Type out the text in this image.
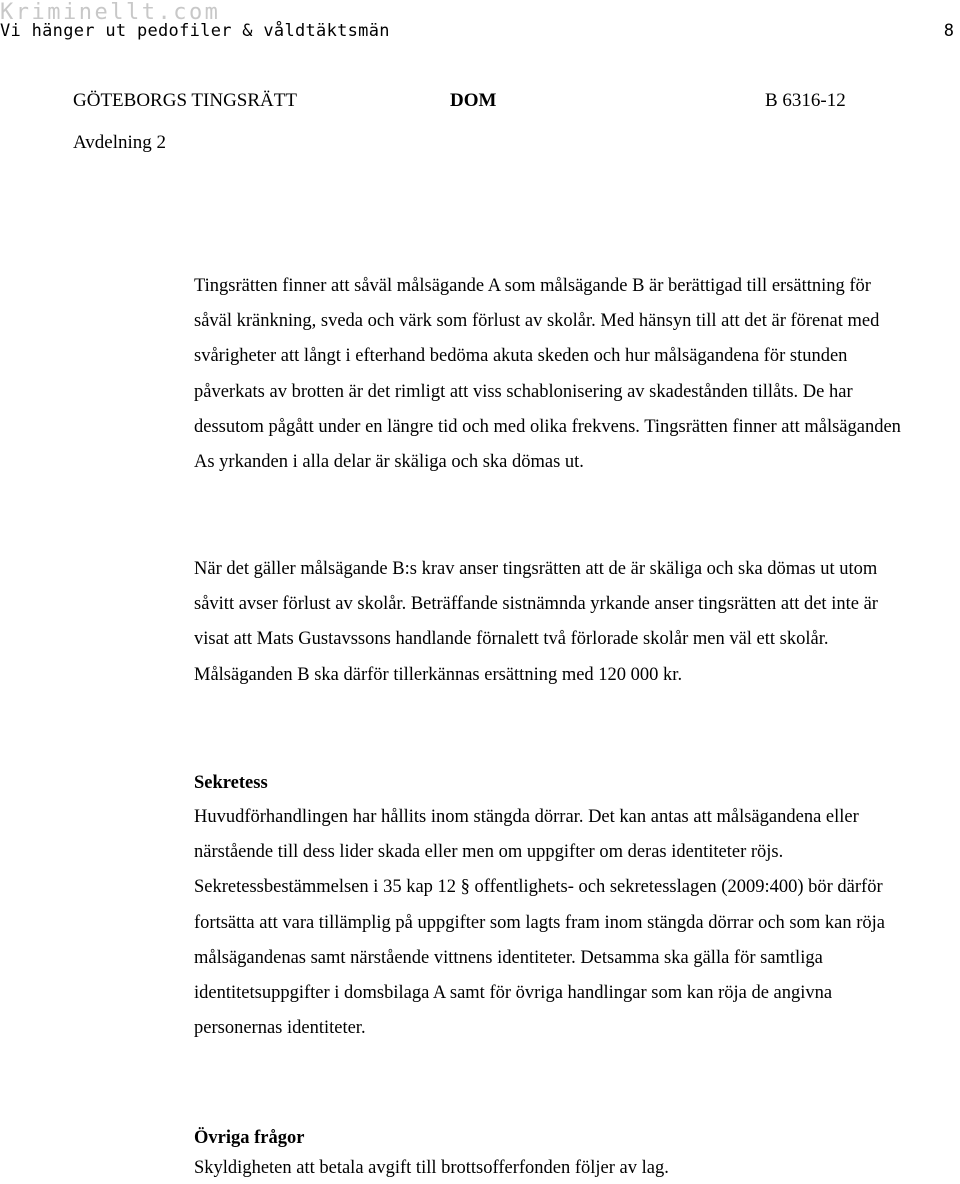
Kriminellt.com
Vi hänger ut pedofiler & våldtäktsmän	8
GÖTEBORGS TINGSRÄTT	DOM	B 6316-12
Avdelning 2

Tingsrätten finner att såväl målsägande A som målsägande B är berättigad till ersättning för såväl kränkning, sveda och värk som förlust av skolår. Med hänsyn till att det är förenat med svårigheter att långt i efterhand bedöma akuta skeden och hur målsägandena för stunden påverkats av brotten är det rimligt att viss schablonisering av skadestånden tillåts. De har dessutom pågått under en längre tid och med olika frekvens. Tingsrätten finner att målsäganden As yrkanden i alla delar är skäliga och ska dömas ut.

När det gäller målsägande B:s krav anser tingsrätten att de är skäliga och ska dömas ut utom såvitt avser förlust av skolår. Beträffande sistnämnda yrkande anser tingsrätten att det inte är visat att Mats Gustavssons handlande förnalett två förlorade skolår men väl ett skolår. Målsäganden B ska därför tillerkännas ersättning med 120 000 kr.

Sekretess

Huvudförhandlingen har hållits inom stängda dörrar. Det kan antas att målsägandena eller närstående till dess lider skada eller men om uppgifter om deras identiteter röjs. Sekretessbestämmelsen i 35 kap 12 § offentlighets- och sekretesslagen (2009:400) bör därför fortsätta att vara tillämplig på uppgifter som lagts fram inom stängda dörrar och som kan röja målsägandenas samt närstående vittnens identiteter. Detsamma ska gälla för samtliga identitetsuppgifter i domsbilaga A samt för övriga handlingar som kan röja de angivna personernas identiteter.

Övriga frågor

Skyldigheten att betala avgift till brottsofferfonden följer av lag.
